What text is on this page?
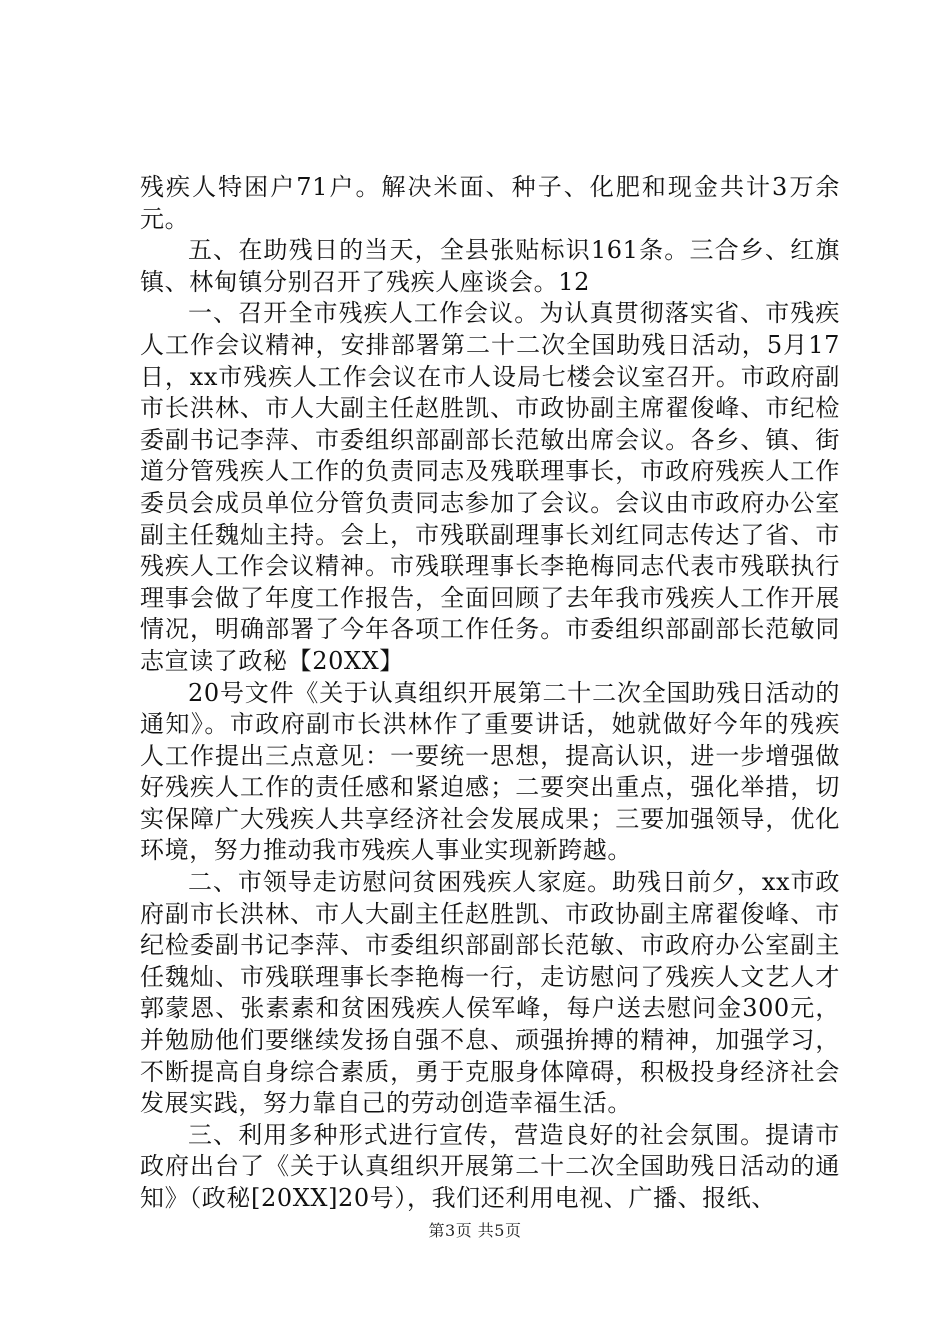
残疾人特困户71户。解决米面、种子、化肥和现金共计3万余元。

五、在助残日的当天，全县张贴标识161条。三合乡、红旗镇、林甸镇分别召开了残疾人座谈会。12

一、召开全市残疾人工作会议。为认真贯彻落实省、市残疾人工作会议精神，安排部署第二十二次全国助残日活动，5月17日，xx市残疾人工作会议在市人设局七楼会议室召开。市政府副市长洪林、市人大副主任赵胜凯、市政协副主席翟俊峰、市纪检委副书记李萍、市委组织部副部长范敏出席会议。各乡、镇、街道分管残疾人工作的负责同志及残联理事长，市政府残疾人工作委员会成员单位分管负责同志参加了会议。会议由市政府办公室副主任魏灿主持。会上，市残联副理事长刘红同志传达了省、市残疾人工作会议精神。市残联理事长李艳梅同志代表市残联执行理事会做了年度工作报告，全面回顾了去年我市残疾人工作开展情况，明确部署了今年各项工作任务。市委组织部副部长范敏同志宣读了政秘【20XX】

20号文件《关于认真组织开展第二十二次全国助残日活动的通知》。市政府副市长洪林作了重要讲话，她就做好今年的残疾人工作提出三点意见：一要统一思想，提高认识，进一步增强做好残疾人工作的责任感和紧迫感；二要突出重点，强化举措，切实保障广大残疾人共享经济社会发展成果；三要加强领导，优化环境，努力推动我市残疾人事业实现新跨越。

二、市领导走访慰问贫困残疾人家庭。助残日前夕，xx市政府副市长洪林、市人大副主任赵胜凯、市政协副主席翟俊峰、市纪检委副书记李萍、市委组织部副部长范敏、市政府办公室副主任魏灿、市残联理事长李艳梅一行，走访慰问了残疾人文艺人才郭蒙恩、张素素和贫困残疾人侯军峰，每户送去慰问金300元，并勉励他们要继续发扬自强不息、顽强拚搏的精神，加强学习，不断提高自身综合素质，勇于克服身体障碍，积极投身经济社会发展实践，努力靠自己的劳动创造幸福生活。

三、利用多种形式进行宣传，营造良好的社会氛围。提请市政府出台了《关于认真组织开展第二十二次全国助残日活动的通知》（政秘[20XX]20号），我们还利用电视、广播、报纸、

第3页 共5页
